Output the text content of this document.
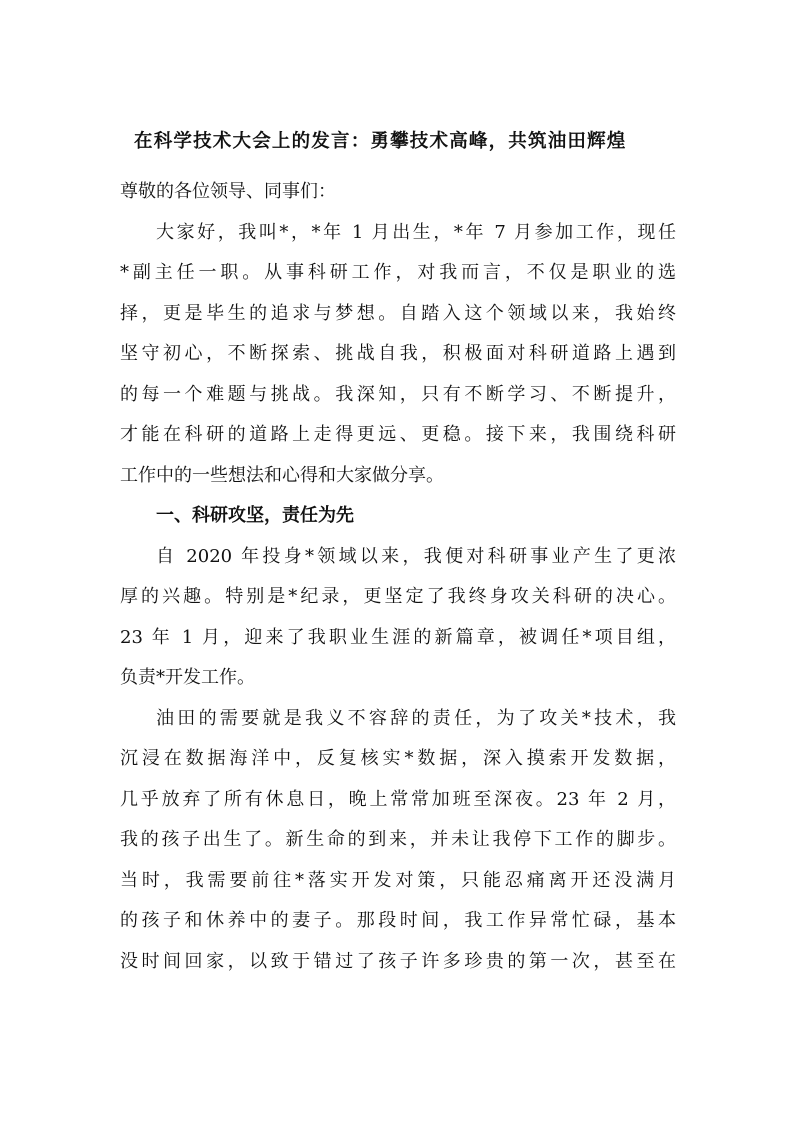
在科学技术大会上的发言：勇攀技术高峰，共筑油田辉煌
尊敬的各位领导、同事们：
大家好，我叫*，*年 1 月出生，*年 7 月参加工作，现任
*副主任一职。从事科研工作，对我而言，不仅是职业的选
择，更是毕生的追求与梦想。自踏入这个领域以来，我始终
坚守初心，不断探索、挑战自我，积极面对科研道路上遇到
的每一个难题与挑战。我深知，只有不断学习、不断提升，
才能在科研的道路上走得更远、更稳。接下来，我围绕科研
工作中的一些想法和心得和大家做分享。
一、科研攻坚，责任为先
自 2020 年投身*领域以来，我便对科研事业产生了更浓
厚的兴趣。特别是*纪录，更坚定了我终身攻关科研的决心。
23 年 1 月，迎来了我职业生涯的新篇章，被调任*项目组，
负责*开发工作。
油田的需要就是我义不容辞的责任，为了攻关*技术，我
沉浸在数据海洋中，反复核实*数据，深入摸索开发数据，
几乎放弃了所有休息日，晚上常常加班至深夜。23 年 2 月，
我的孩子出生了。新生命的到来，并未让我停下工作的脚步。
当时，我需要前往*落实开发对策，只能忍痛离开还没满月
的孩子和休养中的妻子。那段时间，我工作异常忙碌，基本
没时间回家，以致于错过了孩子许多珍贵的第一次，甚至在
